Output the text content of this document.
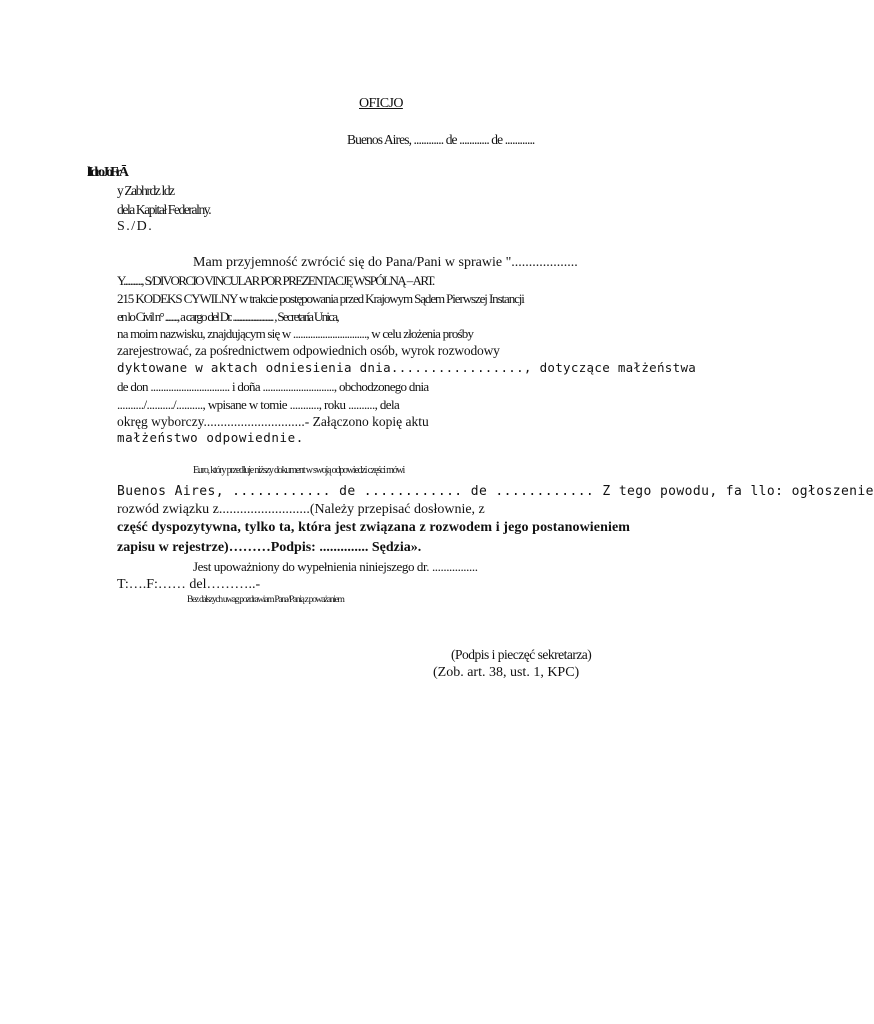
OFICJO
Buenos Aires, ............ de ............ de ............
lIdroJoFrĀ
y Zabhrdz ldz
dela Kapitał Federalny.
S./D.
Mam przyjemność zwrócić się do Pana/Pani w sprawie "...................
Y..........., S/DIVORCIO VINCULAR POR PREZENTACJĘ WSPÓLNĄ – ART.
215 KODEKS CYWILNY w trakcie postępowania przed Krajowym Sądem Pierwszej Instancji
en lo Civil n° ........, a cargo del Dr. .......................... , Secretaría Unica,
na moim nazwisku, znajdującym się w .............................., w celu złożenia prośby
zarejestrować, za pośrednictwem odpowiednich osób, wyrok rozwodowy
dyktowane w aktach odniesienia dnia................., dotyczące małżeństwa
de don ............................... i doña ............................, obchodzonego dnia
........../........../.........., wpisane w tomie ..........., roku .........., dela
okręg wyborczy..............................- Załączono kopię aktu
małżeństwo odpowiednie.
Euro, który przedłuje niższy dokument w swoją odpowiedzi części mówi
Buenos Aires, ............ de ............ de ............ Z tego powodu, fa llo: ogłoszenie
rozwód związku z..........................(Należy przepisać dosłownie, z
część dyspozytywna, tylko ta, która jest związana z rozwodem i jego postanowieniem
zapisu w rejestrze)………Podpis: .............. Sędzia».
Jest upoważniony do wypełnienia niniejszego dr. ................
T:….F:…… del………..-
Bez dalszych uwag pozdrawiam Pana/Panią z poważaniem
(Podpis i pieczęć sekretarza)
(Zob. art. 38, ust. 1, KPC)
